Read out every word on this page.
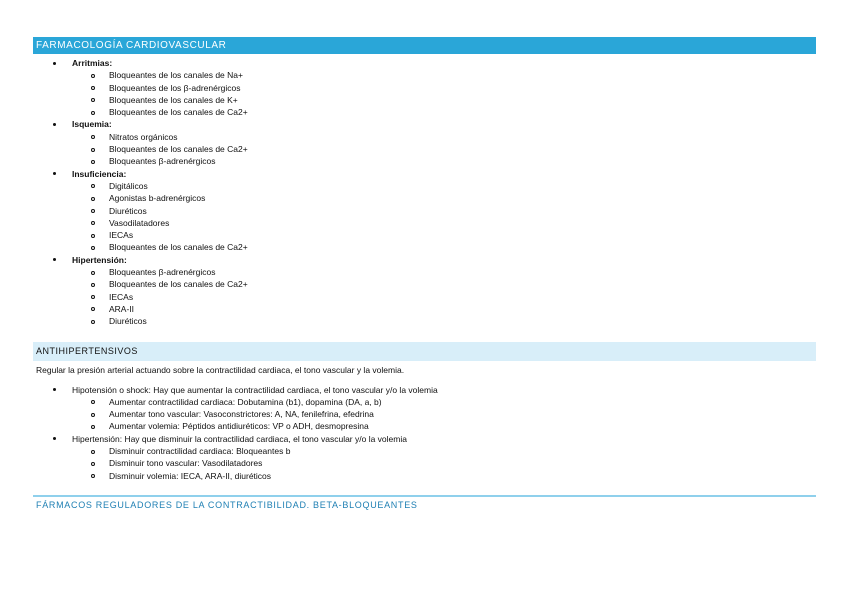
FARMACOLOGÍA CARDIOVASCULAR
Arritmias:
Bloqueantes de los canales de Na+
Bloqueantes de los β-adrenérgicos
Bloqueantes de los canales de K+
Bloqueantes de los canales de Ca2+
Isquemia:
Nitratos orgánicos
Bloqueantes de los canales de Ca2+
Bloqueantes β-adrenérgicos
Insuficiencia:
Digitálicos
Agonistas b-adrenérgicos
Diuréticos
Vasodilatadores
IECAs
Bloqueantes de los canales de Ca2+
Hipertensión:
Bloqueantes β-adrenérgicos
Bloqueantes de los canales de Ca2+
IECAs
ARA-II
Diuréticos
ANTIHIPERTENSIVOS
Regular la presión arterial actuando sobre la contractilidad cardiaca, el tono vascular y la volemia.
Hipotensión o shock: Hay que aumentar la contractilidad cardiaca, el tono vascular y/o la volemia
Aumentar contractilidad cardiaca: Dobutamina (b1), dopamina (DA, a, b)
Aumentar tono vascular: Vasoconstrictores: A, NA, fenilefrina, efedrina
Aumentar volemia: Péptidos antidiuréticos: VP o ADH, desmopresina
Hipertensión: Hay que disminuir la contractilidad cardiaca, el tono vascular y/o la volemia
Disminuir contractilidad cardiaca: Bloqueantes b
Disminuir tono vascular: Vasodilatadores
Disminuir volemia: IECA, ARA-II, diuréticos
FÁRMACOS REGULADORES DE LA CONTRACTIBILIDAD. BETA-BLOQUEANTES
